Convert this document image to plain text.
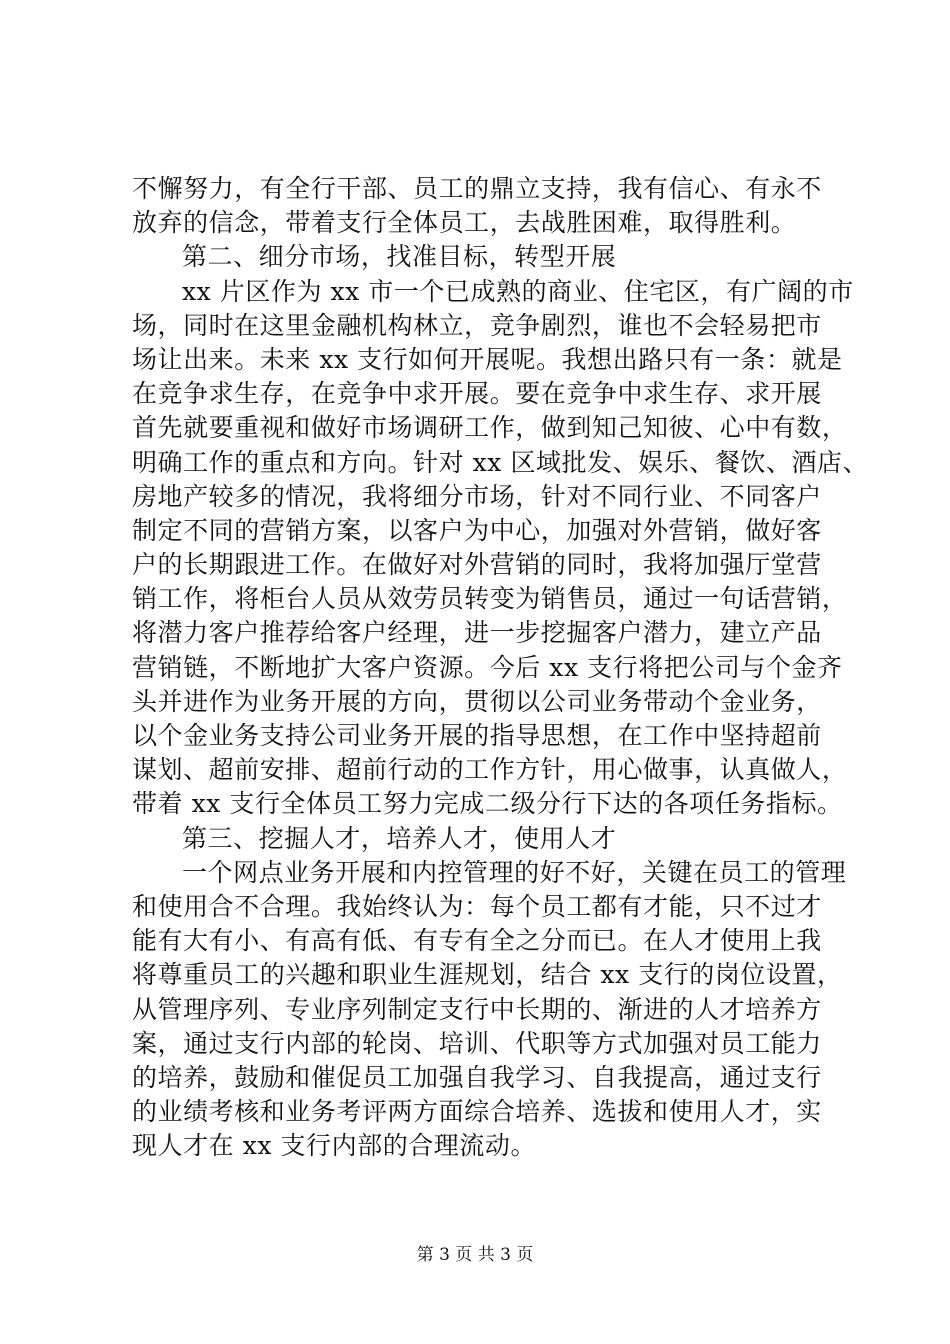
不懈努力，有全行干部、员工的鼎立支持，我有信心、有永不
放弃的信念，带着支行全体员工，去战胜困难，取得胜利。
第二、细分市场，找准目标，转型开展
xx 片区作为 xx 市一个已成熟的商业、住宅区，有广阔的市
场，同时在这里金融机构林立，竞争剧烈，谁也不会轻易把市
场让出来。未来 xx 支行如何开展呢。我想出路只有一条：就是
在竞争求生存，在竞争中求开展。要在竞争中求生存、求开展
首先就要重视和做好市场调研工作，做到知己知彼、心中有数，
明确工作的重点和方向。针对 xx 区域批发、娱乐、餐饮、酒店、
房地产较多的情况，我将细分市场，针对不同行业、不同客户
制定不同的营销方案，以客户为中心，加强对外营销，做好客
户的长期跟进工作。在做好对外营销的同时，我将加强厅堂营
销工作，将柜台人员从效劳员转变为销售员，通过一句话营销，
将潜力客户推荐给客户经理，进一步挖掘客户潜力，建立产品
营销链，不断地扩大客户资源。今后 xx 支行将把公司与个金齐
头并进作为业务开展的方向，贯彻以公司业务带动个金业务，
以个金业务支持公司业务开展的指导思想，在工作中坚持超前
谋划、超前安排、超前行动的工作方针，用心做事，认真做人，
带着 xx 支行全体员工努力完成二级分行下达的各项任务指标。
第三、挖掘人才，培养人才，使用人才
一个网点业务开展和内控管理的好不好，关键在员工的管理
和使用合不合理。我始终认为：每个员工都有才能，只不过才
能有大有小、有高有低、有专有全之分而已。在人才使用上我
将尊重员工的兴趣和职业生涯规划，结合 xx 支行的岗位设置，
从管理序列、专业序列制定支行中长期的、渐进的人才培养方
案，通过支行内部的轮岗、培训、代职等方式加强对员工能力
的培养，鼓励和催促员工加强自我学习、自我提高，通过支行
的业绩考核和业务考评两方面综合培养、选拔和使用人才，实
现人才在 xx 支行内部的合理流动。
第 3 页 共 3 页
